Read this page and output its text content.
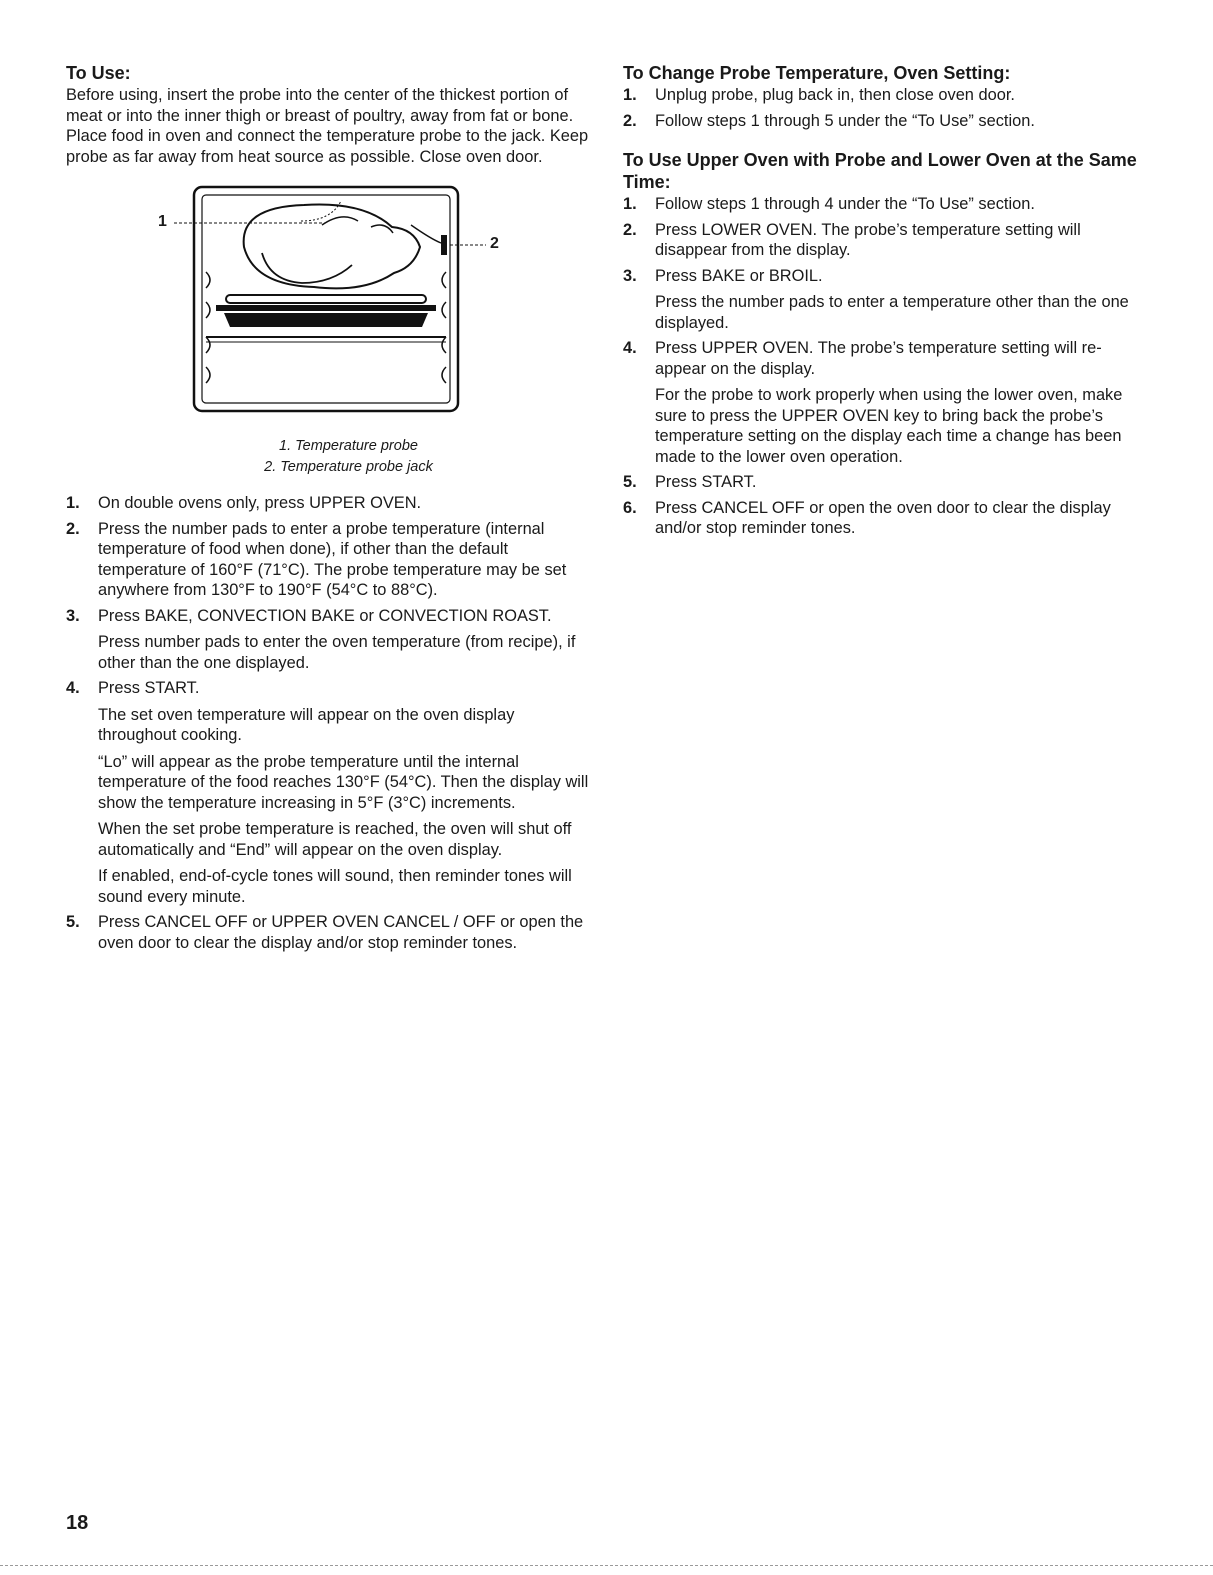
To Use:

Before using, insert the probe into the center of the thickest portion of meat or into the inner thigh or breast of poultry, away from fat or bone. Place food in oven and connect the temperature probe to the jack. Keep probe as far away from heat source as possible. Close oven door.

1
2

1. Temperature probe

2. Temperature probe jack

1. On double ovens only, press UPPER OVEN.

2. Press the number pads to enter a probe temperature (internal temperature of food when done), if other than the default temperature of 160°F (71°C). The probe temperature may be set anywhere from 130°F to 190°F (54°C to 88°C).

3. Press BAKE, CONVECTION BAKE or CONVECTION ROAST.

Press number pads to enter the oven temperature (from recipe), if other than the one displayed.

4. Press START.

The set oven temperature will appear on the oven display throughout cooking.

“Lo” will appear as the probe temperature until the internal temperature of the food reaches 130°F (54°C). Then the display will show the temperature increasing in 5°F (3°C) increments.

When the set probe temperature is reached, the oven will shut off automatically and “End” will appear on the oven display.

If enabled, end-of-cycle tones will sound, then reminder tones will sound every minute.

5. Press CANCEL OFF or UPPER OVEN CANCEL / OFF or open the oven door to clear the display and/or stop reminder tones.

To Change Probe Temperature, Oven Setting:
1. Unplug probe, plug back in, then close oven door.

2. Follow steps 1 through 5 under the “To Use” section.

To Use Upper Oven with Probe and Lower Oven at the Same Time:
1. Follow steps 1 through 4 under the “To Use” section.

2. Press LOWER OVEN. The probe’s temperature setting will disappear from the display.

3. Press BAKE or BROIL.

Press the number pads to enter a temperature other than the one displayed.

4. Press UPPER OVEN. The probe’s temperature setting will re-appear on the display.

For the probe to work properly when using the lower oven, make sure to press the UPPER OVEN key to bring back the probe’s temperature setting on the display each time a change has been made to the lower oven operation.

5. Press START.

6. Press CANCEL OFF or open the oven door to clear the display and/or stop reminder tones.

18
